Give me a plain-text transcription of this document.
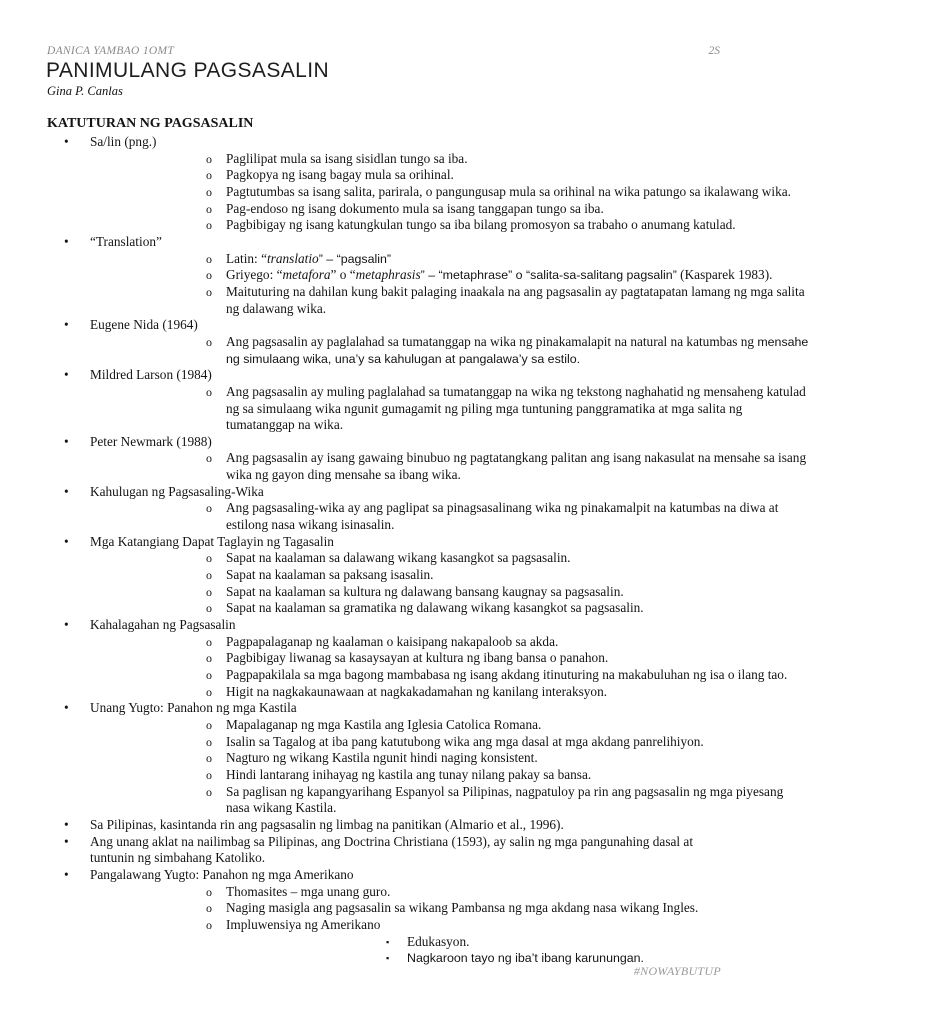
DANICA YAMBAO 1OMT	2S
PANIMULANG PAGSASALIN
Gina P. Canlas
KATUTURAN NG PAGSASALIN
•	Sa/lin (png.)
o Paglilipat mula sa isang sisidlan tungo sa iba.
o Pagkopya ng isang bagay mula sa orihinal.
o Pagtutumbas sa isang salita, parirala, o pangungusap mula sa orihinal na wika patungo sa ikalawang wika.
o Pag-endoso ng isang dokumento mula sa isang tanggapan tungo sa iba.
o Pagbibigay ng isang katungkulan tungo sa iba bilang promosyon sa trabaho o anumang katulad.
•	“Translation”
o Latin: “translatio” – “pagsalin”
o Griyego: “metafora” o “metaphrasis” – “metaphrase” o “salita-sa-salitang pagsalin” (Kasparek 1983).
o Maituturing na dahilan kung bakit palaging inaakala na ang pagsasalin ay pagtatapatan lamang ng mga salita ng dalawang wika.
•	Eugene Nida (1964)
o Ang pagsasalin ay paglalahad sa tumatanggap na wika ng pinakamalapit na natural na katumbas ng mensahe ng simulaang wika, una’y sa kahulugan at pangalawa’y sa estilo.
•	Mildred Larson (1984)
o Ang pagsasalin ay muling paglalahad sa tumatanggap na wika ng tekstong naghahatid ng mensaheng katulad ng sa simulaang wika ngunit gumagamit ng piling mga tuntuning panggramatika at mga salita ng tumatanggap na wika.
•	Peter Newmark (1988)
o Ang pagsasalin ay isang gawaing binubuo ng pagtatangkang palitan ang isang nakasulat na mensahe sa isang wika ng gayon ding mensahe sa ibang wika.
•	Kahulugan ng Pagsasaling-Wika
o Ang pagsasaling-wika ay ang paglipat sa pinagsasalinang wika ng pinakamalpit na katumbas na diwa at estilong nasa wikang isinasalin.
•	Mga Katangiang Dapat Taglayin ng Tagasalin
o Sapat na kaalaman sa dalawang wikang kasangkot sa pagsasalin.
o Sapat na kaalaman sa paksang isasalin.
o Sapat na kaalaman sa kultura ng dalawang bansang kaugnay sa pagsasalin.
o Sapat na kaalaman sa gramatika ng dalawang wikang kasangkot sa pagsasalin.
•	Kahalagahan ng Pagsasalin
o Pagpapalaganap ng kaalaman o kaisipang nakapaloob sa akda.
o Pagbibigay liwanag sa kasaysayan at kultura ng ibang bansa o panahon.
o Pagpapakilala sa mga bagong mambabasa ng isang akdang itinuturing na makabuluhan ng isa o ilang tao.
o Higit na nagkakaunawaan at nagkakadamahan ng kanilang interaksyon.
•	Unang Yugto: Panahon ng mga Kastila
o Mapalaganap ng mga Kastila ang Iglesia Catolica Romana.
o Isalin sa Tagalog at iba pang katutubong wika ang mga dasal at mga akdang panrelihiyon.
o Nagturo ng wikang Kastila ngunit hindi naging konsistent.
o Hindi lantarang inihayag ng kastila ang tunay nilang pakay sa bansa.
o Sa paglisan ng kapangyarihang Espanyol sa Pilipinas, nagpatuloy pa rin ang pagsasalin ng mga piyesang nasa wikang Kastila.
•	Sa Pilipinas, kasintanda rin ang pagsasalin ng limbag na panitikan (Almario et al., 1996).
•	Ang unang aklat na nailimbag sa Pilipinas, ang Doctrina Christiana (1593), ay salin ng mga pangunahing dasal at tuntunin ng simbahang Katoliko.
•	Pangalawang Yugto: Panahon ng mga Amerikano
o Thomasites – mga unang guro.
o Naging masigla ang pagsasalin sa wikang Pambansa ng mga akdang nasa wikang Ingles.
o Impluwensiya ng Amerikano
▪ Edukasyon.
▪ Nagkaroon tayo ng iba’t ibang karunungan.
#NOWAYBUTUP
